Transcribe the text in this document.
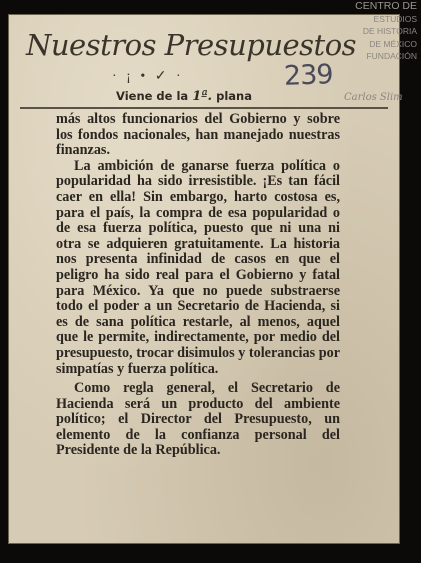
Nuestros Presupuestos
239
· ¡ • ✓ ·
Viene de la 1ª. plana

más altos funcionarios del Gobierno y sobre los fondos nacionales, han manejado nuestras finanzas.

La ambición de ganarse fuerza política o popularidad ha sido irresistible. ¡Es tan fácil caer en ella! Sin embargo, harto costosa es, para el país, la compra de esa popularidad o de esa fuerza política, puesto que ni una ni otra se adquieren gratuitamente. La historia nos presenta infinidad de casos en que el peligro ha sido real para el Gobierno y fatal para México. Ya que no puede substraerse todo el poder a un Secretario de Hacienda, si es de sana política restarle, al menos, aquel que le permite, indirectamente, por medio del presupuesto, trocar disimulos y tolerancias por simpatías y fuerza política.

Como regla general, el Secretario de Hacienda será un producto del ambiente político; el Director del Presupuesto, un elemento de la confianza personal del Presidente de la República.

CENTRO DE
ESTUDIOS
DE HISTORIA
DE MÉXICO
FUNDACIÓN
Carlos Slim
